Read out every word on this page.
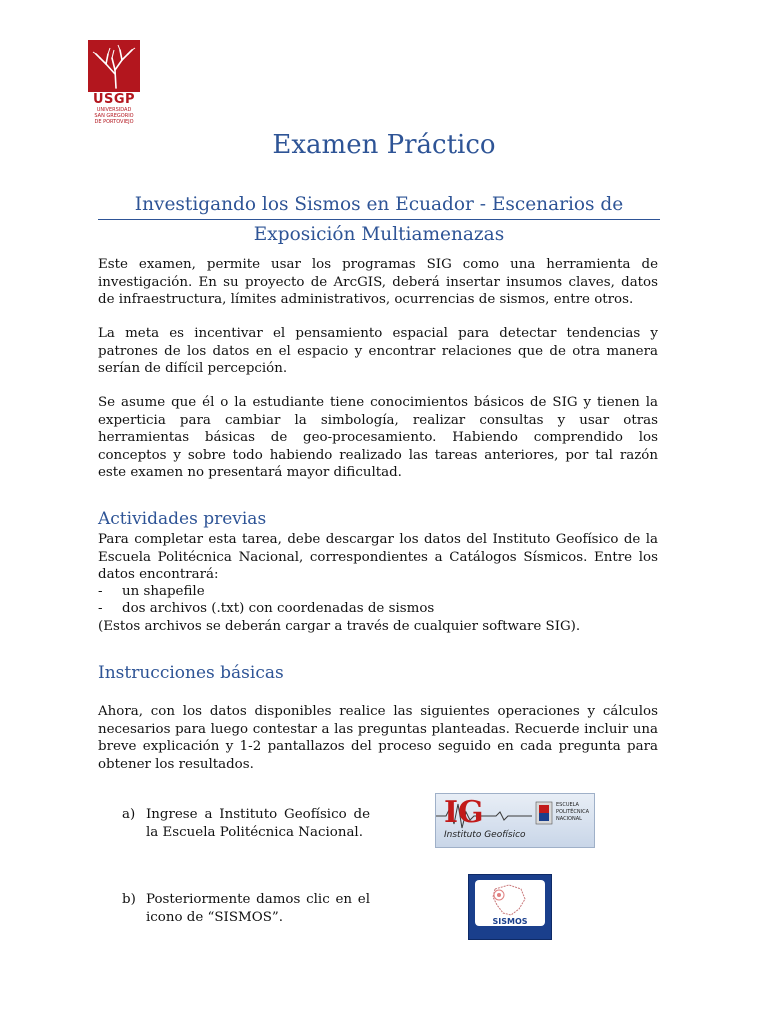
USGP
UNIVERSIDAD
SAN GREGORIO
DE PORTOVIEJO
Examen Práctico
Investigando los Sismos en Ecuador - Escenarios de
Exposición Multiamenazas

Este examen, permite usar los programas SIG como una herramienta de investigación. En su proyecto de ArcGIS, deberá insertar insumos claves, datos de infraestructura, límites administrativos, ocurrencias de sismos, entre otros.

La meta es incentivar el pensamiento espacial para detectar tendencias y patrones de los datos en el espacio y encontrar relaciones que de otra manera serían de difícil percepción.

Se asume que él o la estudiante tiene conocimientos básicos de SIG y tienen la experticia para cambiar la simbología, realizar consultas y usar otras herramientas básicas de geo-procesamiento. Habiendo comprendido los conceptos y sobre todo habiendo realizado las tareas anteriores, por tal razón este examen no presentará mayor dificultad.

Actividades previas

Para completar esta tarea, debe descargar los datos del Instituto Geofísico de la Escuela Politécnica Nacional, correspondientes a Catálogos Sísmicos. Entre los datos encontrará:

- un shapefile
- dos archivos (.txt) con coordenadas de sismos
(Estos archivos se deberán cargar a través de cualquier software SIG).
Instrucciones básicas

Ahora, con los datos disponibles realice las siguientes operaciones y cálculos necesarios para luego contestar a las preguntas planteadas. Recuerde incluir una breve explicación y 1-2 pantallazos del proceso seguido en cada pregunta para obtener los resultados.

a) Ingrese a Instituto Geofísico de la Escuela Politécnica Nacional.
b) Posteriormente damos clic en el icono de “SISMOS”.
IG
Instituto Geofísico
ESCUELA
POLITÉCNICA
NACIONAL
SISMOS
